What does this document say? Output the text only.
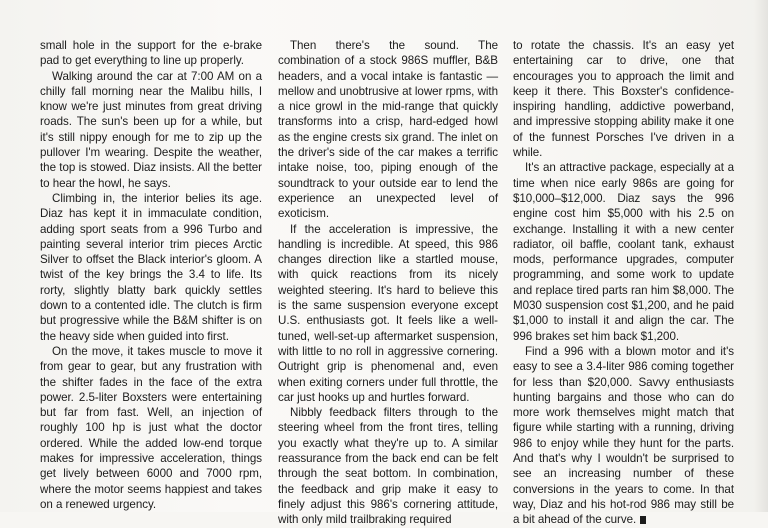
small hole in the support for the e-brake pad to get everything to line up properly.

Walking around the car at 7:00 AM on a chilly fall morning near the Malibu hills, I know we're just minutes from great driving roads. The sun's been up for a while, but it's still nippy enough for me to zip up the pullover I'm wearing. Despite the weather, the top is stowed. Diaz insists. All the better to hear the howl, he says.

Climbing in, the interior belies its age. Diaz has kept it in immaculate condition, adding sport seats from a 996 Turbo and painting several interior trim pieces Arctic Silver to offset the Black interior's gloom. A twist of the key brings the 3.4 to life. Its rorty, slightly blatty bark quickly settles down to a contented idle. The clutch is firm but progressive while the B&M shifter is on the heavy side when guided into first.

On the move, it takes muscle to move it from gear to gear, but any frustration with the shifter fades in the face of the extra power. 2.5-liter Boxsters were entertaining but far from fast. Well, an injection of roughly 100 hp is just what the doctor ordered. While the added low-end torque makes for impressive acceleration, things get lively between 6000 and 7000 rpm, where the motor seems happiest and takes on a renewed urgency.

Then there's the sound. The combination of a stock 986S muffler, B&B headers, and a vocal intake is fantastic — mellow and unobtrusive at lower rpms, with a nice growl in the mid-range that quickly transforms into a crisp, hard-edged howl as the engine crests six grand. The inlet on the driver's side of the car makes a terrific intake noise, too, piping enough of the soundtrack to your outside ear to lend the experience an unexpected level of exoticism.

If the acceleration is impressive, the handling is incredible. At speed, this 986 changes direction like a startled mouse, with quick reactions from its nicely weighted steering. It's hard to believe this is the same suspension everyone except U.S. enthusiasts got. It feels like a well-tuned, well-set-up aftermarket suspension, with little to no roll in aggressive cornering. Outright grip is phenomenal and, even when exiting corners under full throttle, the car just hooks up and hurtles forward.

Nibbly feedback filters through to the steering wheel from the front tires, telling you exactly what they're up to. A similar reassurance from the back end can be felt through the seat bottom. In combination, the feedback and grip make it easy to finely adjust this 986's cornering attitude, with only mild trailbraking required

to rotate the chassis. It's an easy yet entertaining car to drive, one that encourages you to approach the limit and keep it there. This Boxster's confidence-inspiring handling, addictive powerband, and impressive stopping ability make it one of the funnest Porsches I've driven in a while.

It's an attractive package, especially at a time when nice early 986s are going for $10,000–$12,000. Diaz says the 996 engine cost him $5,000 with his 2.5 on exchange. Installing it with a new center radiator, oil baffle, coolant tank, exhaust mods, performance upgrades, computer programming, and some work to update and replace tired parts ran him $8,000. The M030 suspension cost $1,200, and he paid $1,000 to install it and align the car. The 996 brakes set him back $1,200.

Find a 996 with a blown motor and it's easy to see a 3.4-liter 986 coming together for less than $20,000. Savvy enthusiasts hunting bargains and those who can do more work themselves might match that figure while starting with a running, driving 986 to enjoy while they hunt for the parts. And that's why I wouldn't be surprised to see an increasing number of these conversions in the years to come. In that way, Diaz and his hot-rod 986 may still be a bit ahead of the curve.
